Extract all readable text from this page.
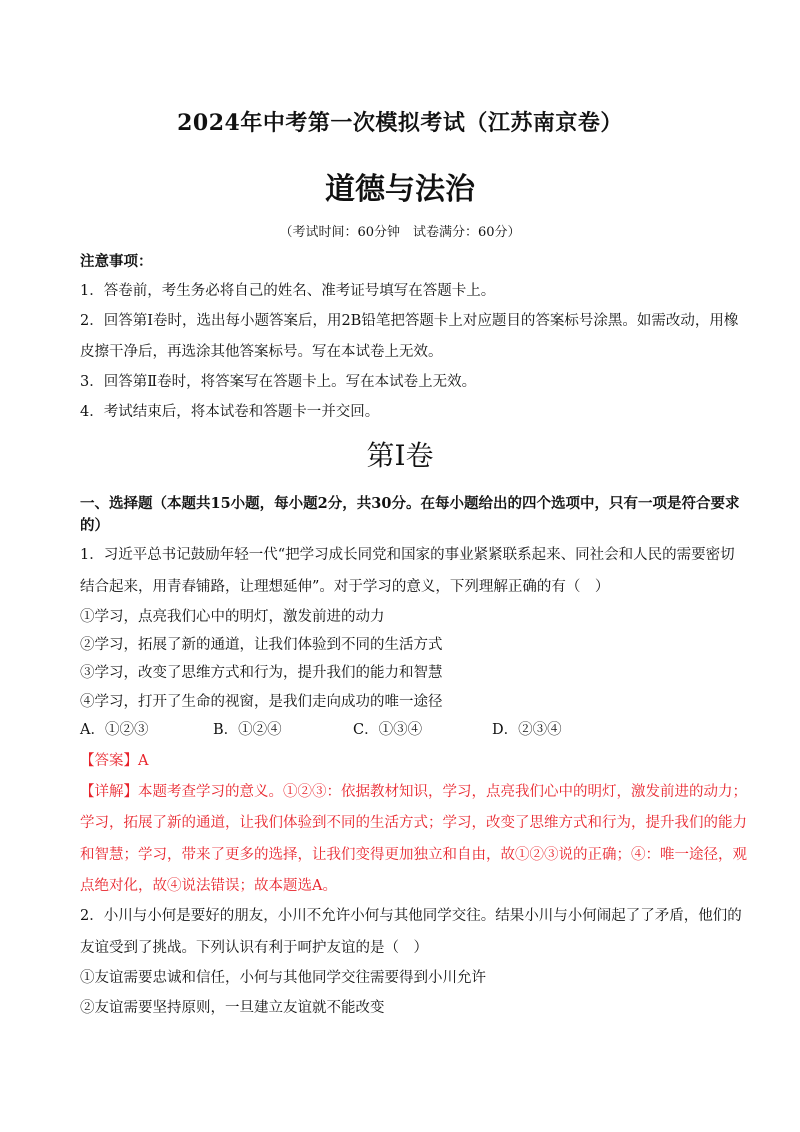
2024年中考第一次模拟考试（江苏南京卷）
道德与法治
（考试时间：60分钟　试卷满分：60分）
注意事项：
1．答卷前，考生务必将自己的姓名、准考证号填写在答题卡上。
2．回答第Ⅰ卷时，选出每小题答案后，用2B铅笔把答题卡上对应题目的答案标号涂黑。如需改动，用橡
皮擦干净后，再选涂其他答案标号。写在本试卷上无效。
3．回答第Ⅱ卷时，将答案写在答题卡上。写在本试卷上无效。
4．考试结束后，将本试卷和答题卡一并交回。
第Ⅰ卷
一、选择题（本题共15小题，每小题2分，共30分。在每小题给出的四个选项中，只有一项是符合要求
的）
1．习近平总书记鼓励年轻一代“把学习成长同党和国家的事业紧紧联系起来、同社会和人民的需要密切
结合起来，用青春铺路，让理想延伸”。对于学习的意义，下列理解正确的有（　）
①学习，点亮我们心中的明灯，激发前进的动力
②学习，拓展了新的通道，让我们体验到不同的生活方式
③学习，改变了思维方式和行为，提升我们的能力和智慧
④学习，打开了生命的视窗，是我们走向成功的唯一途径
A．①②③	B．①②④	C．①③④	D．②③④
【答案】A
【详解】本题考查学习的意义。①②③：依据教材知识，学习，点亮我们心中的明灯，激发前进的动力；
学习，拓展了新的通道，让我们体验到不同的生活方式；学习，改变了思维方式和行为，提升我们的能力
和智慧；学习，带来了更多的选择，让我们变得更加独立和自由，故①②③说的正确；④：唯一途径，观
点绝对化，故④说法错误；故本题选A。
2．小川与小何是要好的朋友，小川不允许小何与其他同学交往。结果小川与小何闹起了了矛盾，他们的
友谊受到了挑战。下列认识有利于呵护友谊的是（　）
①友谊需要忠诚和信任，小何与其他同学交往需要得到小川允许
②友谊需要坚持原则，一旦建立友谊就不能改变
